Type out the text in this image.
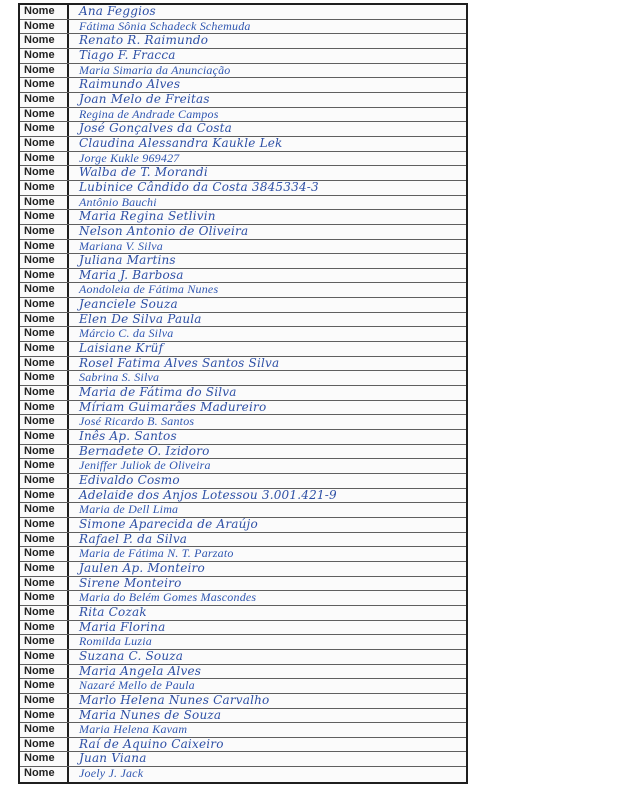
Nome	Ana Feggios
Nome	Fátima Sônia Schadeck Schemuda
Nome	Renato R. Raimundo
Nome	Tiago F. Fracca
Nome	Maria Simaria da Anunciação
Nome	Raimundo Alves
Nome	Joan Melo de Freitas
Nome	Regina de Andrade Campos
Nome	José Gonçalves da Costa
Nome	Claudina Alessandra Kaukle Lek
Nome	Jorge Kukle 969427
Nome	Walba de T. Morandi
Nome	Lubinice Cândido da Costa 3845334-3
Nome	Antônio Bauchi
Nome	Maria Regina Setlivin
Nome	Nelson Antonio de Oliveira
Nome	Mariana V. Silva
Nome	Juliana Martins
Nome	Maria J. Barbosa
Nome	Aondoleia de Fátima Nunes
Nome	Jeanciele Souza
Nome	Elen De Silva Paula
Nome	Márcio C. da Silva
Nome	Laisiane Krüf
Nome	Rosel Fatima Alves Santos Silva
Nome	Sabrina S. Silva
Nome	Maria de Fátima do Silva
Nome	Míriam Guimarães Madureiro
Nome	José Ricardo B. Santos
Nome	Inês Ap. Santos
Nome	Bernadete O. Izidoro
Nome	Jeniffer Juliok de Oliveira
Nome	Edivaldo Cosmo
Nome	Adelaide dos Anjos Lotessou 3.001.421-9
Nome	Maria de Dell Lima
Nome	Simone Aparecida de Araújo
Nome	Rafael P. da Silva
Nome	Maria de Fátima N. T. Parzato
Nome	Jaulen Ap. Monteiro
Nome	Sirene Monteiro
Nome	Maria do Belém Gomes Mascondes
Nome	Rita Cozak
Nome	Maria Florina
Nome	Romilda Luzia
Nome	Suzana C. Souza
Nome	Maria Angela Alves
Nome	Nazaré Mello de Paula
Nome	Marlo Helena Nunes Carvalho
Nome	Maria Nunes de Souza
Nome	Maria Helena Kavam
Nome	Raí de Aquino Caixeiro
Nome	Juan Viana
Nome	Joely J. Jack
